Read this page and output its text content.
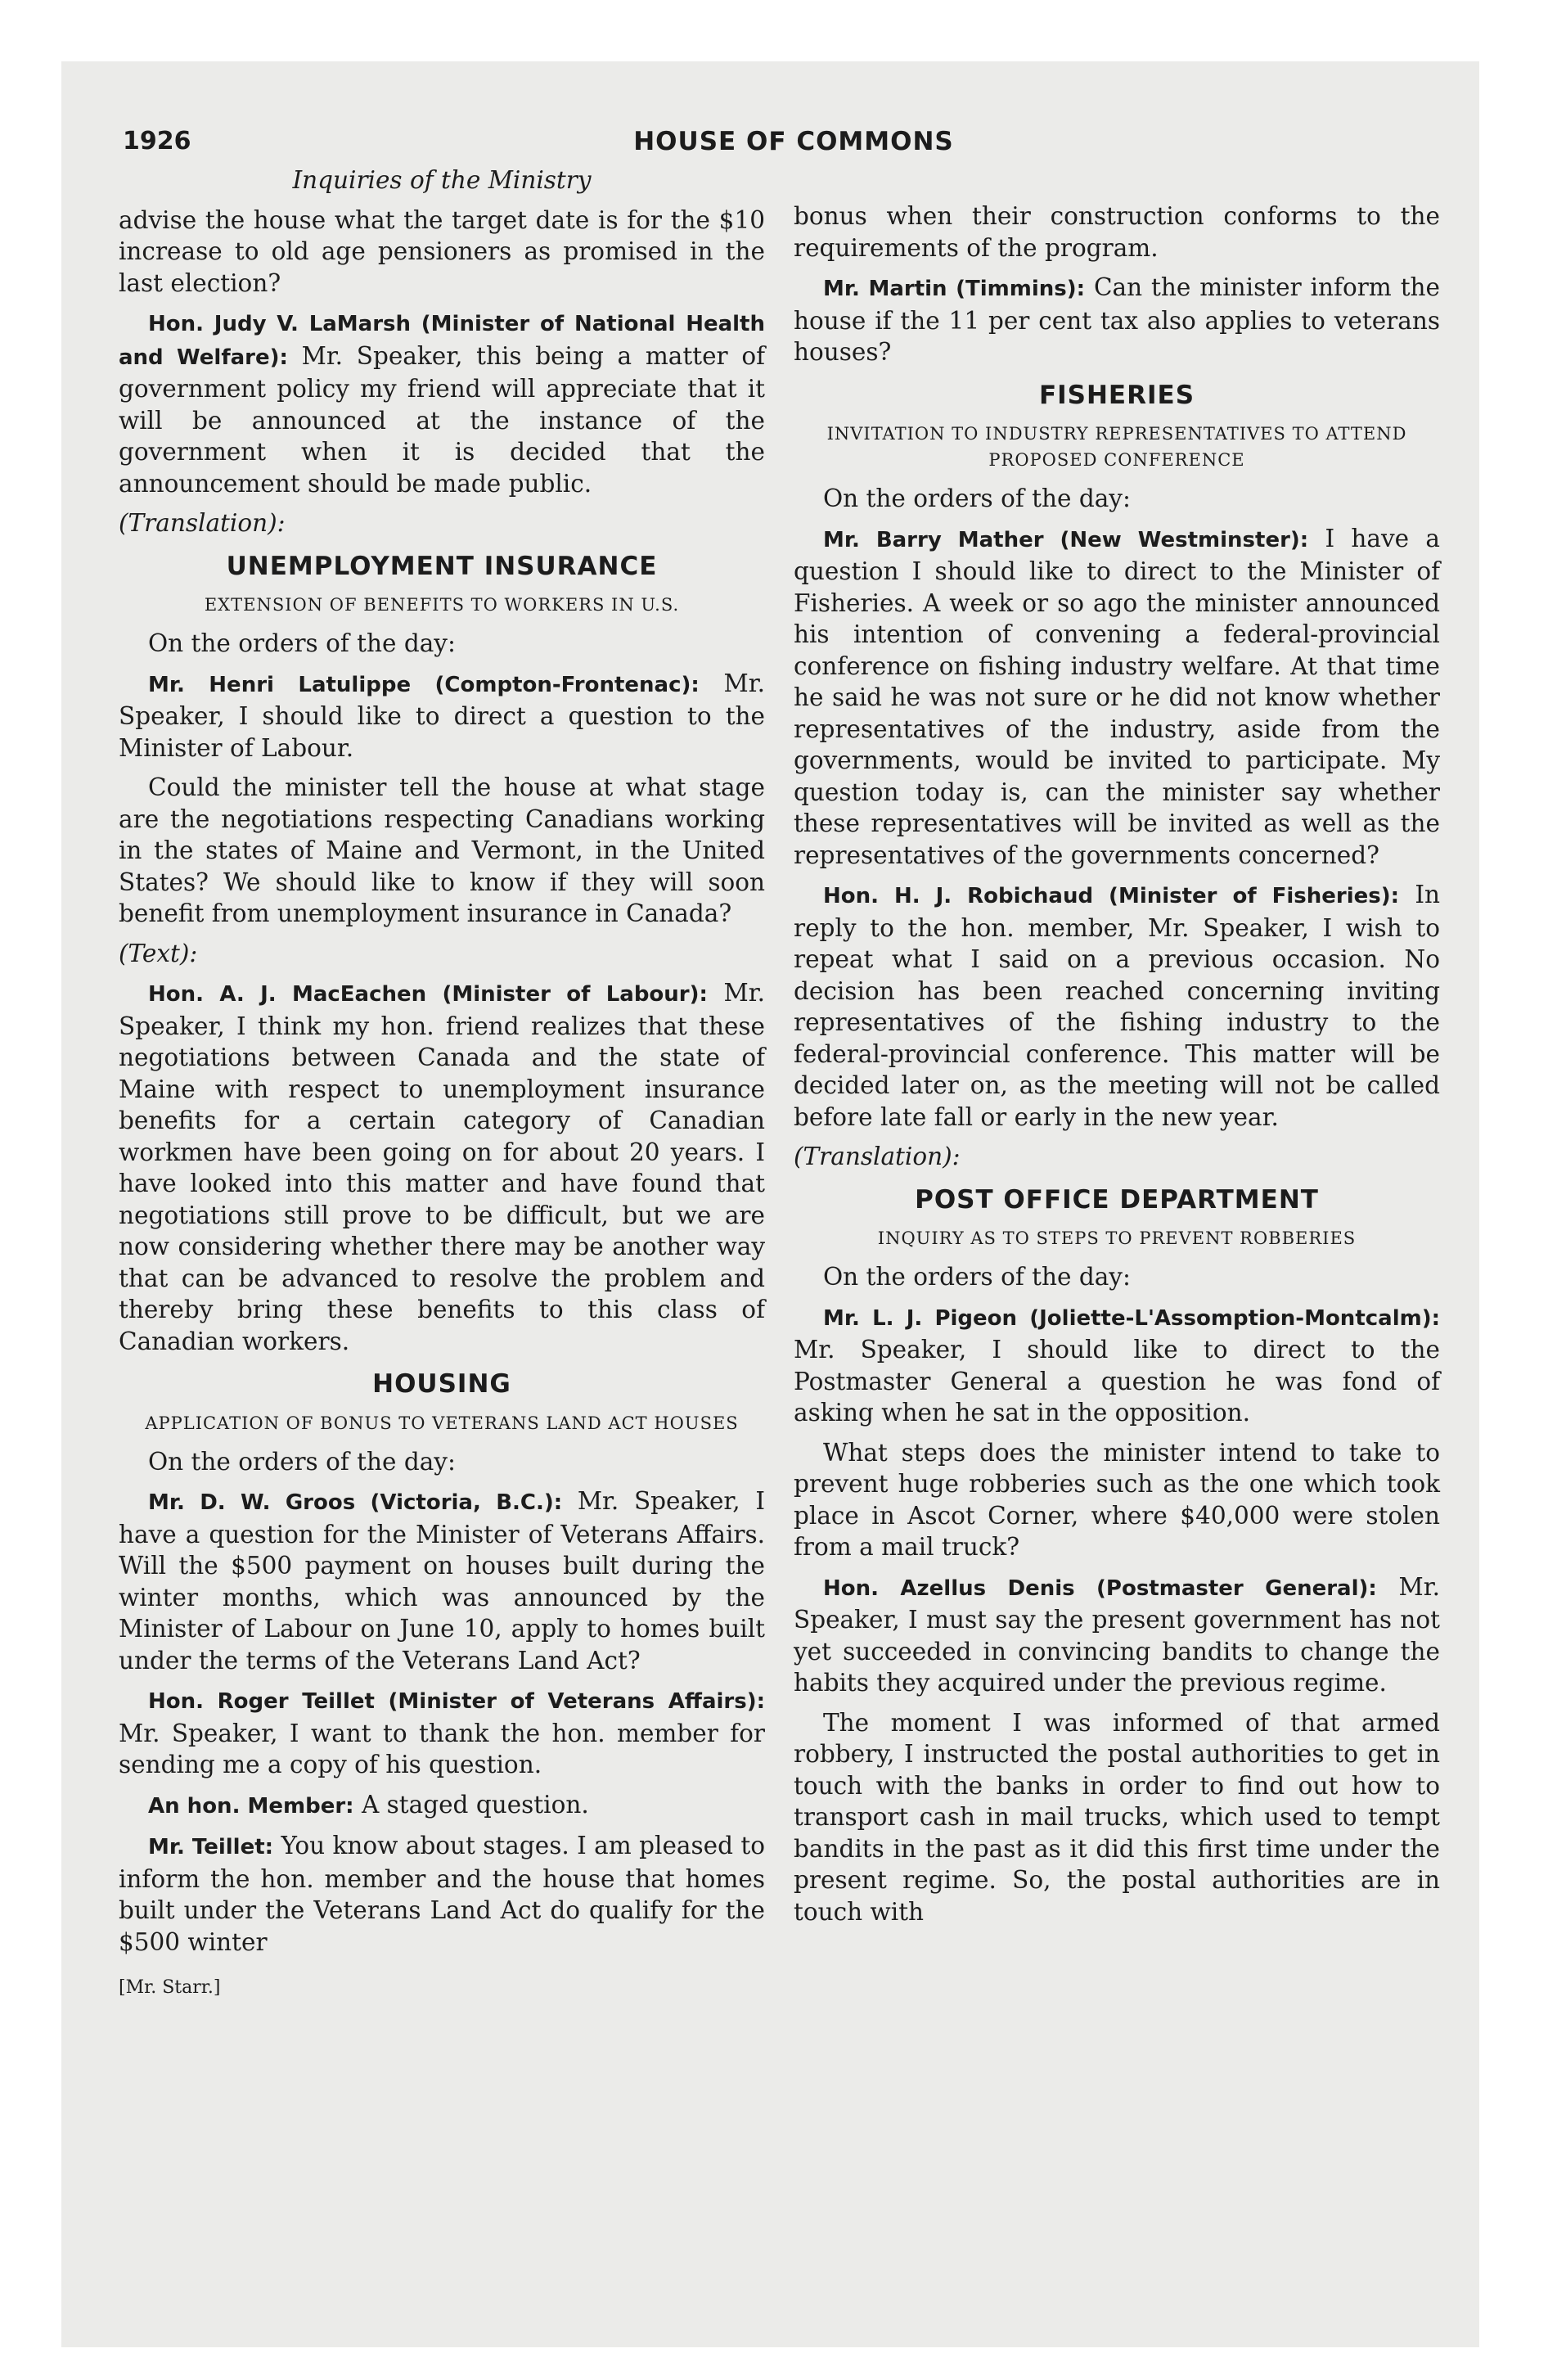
1926	HOUSE OF COMMONS

Inquiries of the Ministry

advise the house what the target date is for the $10 increase to old age pensioners as promised in the last election?

Hon. Judy V. LaMarsh (Minister of National Health and Welfare): Mr. Speaker, this being a matter of government policy my friend will appreciate that it will be announced at the instance of the government when it is decided that the announcement should be made public.

(Translation):

UNEMPLOYMENT INSURANCE
EXTENSION OF BENEFITS TO WORKERS IN U.S.

On the orders of the day:

Mr. Henri Latulippe (Compton-Frontenac): Mr. Speaker, I should like to direct a question to the Minister of Labour.

Could the minister tell the house at what stage are the negotiations respecting Canadians working in the states of Maine and Vermont, in the United States? We should like to know if they will soon benefit from unemployment insurance in Canada?

(Text):

Hon. A. J. MacEachen (Minister of Labour): Mr. Speaker, I think my hon. friend realizes that these negotiations between Canada and the state of Maine with respect to unemployment insurance benefits for a certain category of Canadian workmen have been going on for about 20 years. I have looked into this matter and have found that negotiations still prove to be difficult, but we are now considering whether there may be another way that can be advanced to resolve the problem and thereby bring these benefits to this class of Canadian workers.

HOUSING
APPLICATION OF BONUS TO VETERANS LAND ACT HOUSES

On the orders of the day:

Mr. D. W. Groos (Victoria, B.C.): Mr. Speaker, I have a question for the Minister of Veterans Affairs. Will the $500 payment on houses built during the winter months, which was announced by the Minister of Labour on June 10, apply to homes built under the terms of the Veterans Land Act?

Hon. Roger Teillet (Minister of Veterans Affairs): Mr. Speaker, I want to thank the hon. member for sending me a copy of his question.

An hon. Member: A staged question.

Mr. Teillet: You know about stages. I am pleased to inform the hon. member and the house that homes built under the Veterans Land Act do qualify for the $500 winter

[Mr. Starr.]

bonus when their construction conforms to the requirements of the program.

Mr. Martin (Timmins): Can the minister inform the house if the 11 per cent tax also applies to veterans houses?

FISHERIES
INVITATION TO INDUSTRY REPRESENTATIVES TO ATTEND PROPOSED CONFERENCE

On the orders of the day:

Mr. Barry Mather (New Westminster): I have a question I should like to direct to the Minister of Fisheries. A week or so ago the minister announced his intention of convening a federal-provincial conference on fishing industry welfare. At that time he said he was not sure or he did not know whether representatives of the industry, aside from the governments, would be invited to participate. My question today is, can the minister say whether these representatives will be invited as well as the representatives of the governments concerned?

Hon. H. J. Robichaud (Minister of Fisheries): In reply to the hon. member, Mr. Speaker, I wish to repeat what I said on a previous occasion. No decision has been reached concerning inviting representatives of the fishing industry to the federal-provincial conference. This matter will be decided later on, as the meeting will not be called before late fall or early in the new year.

(Translation):

POST OFFICE DEPARTMENT
INQUIRY AS TO STEPS TO PREVENT ROBBERIES

On the orders of the day:

Mr. L. J. Pigeon (Joliette-L'Assomption-Montcalm): Mr. Speaker, I should like to direct to the Postmaster General a question he was fond of asking when he sat in the opposition.

What steps does the minister intend to take to prevent huge robberies such as the one which took place in Ascot Corner, where $40,000 were stolen from a mail truck?

Hon. Azellus Denis (Postmaster General): Mr. Speaker, I must say the present government has not yet succeeded in convincing bandits to change the habits they acquired under the previous regime.

The moment I was informed of that armed robbery, I instructed the postal authorities to get in touch with the banks in order to find out how to transport cash in mail trucks, which used to tempt bandits in the past as it did this first time under the present regime. So, the postal authorities are in touch with
